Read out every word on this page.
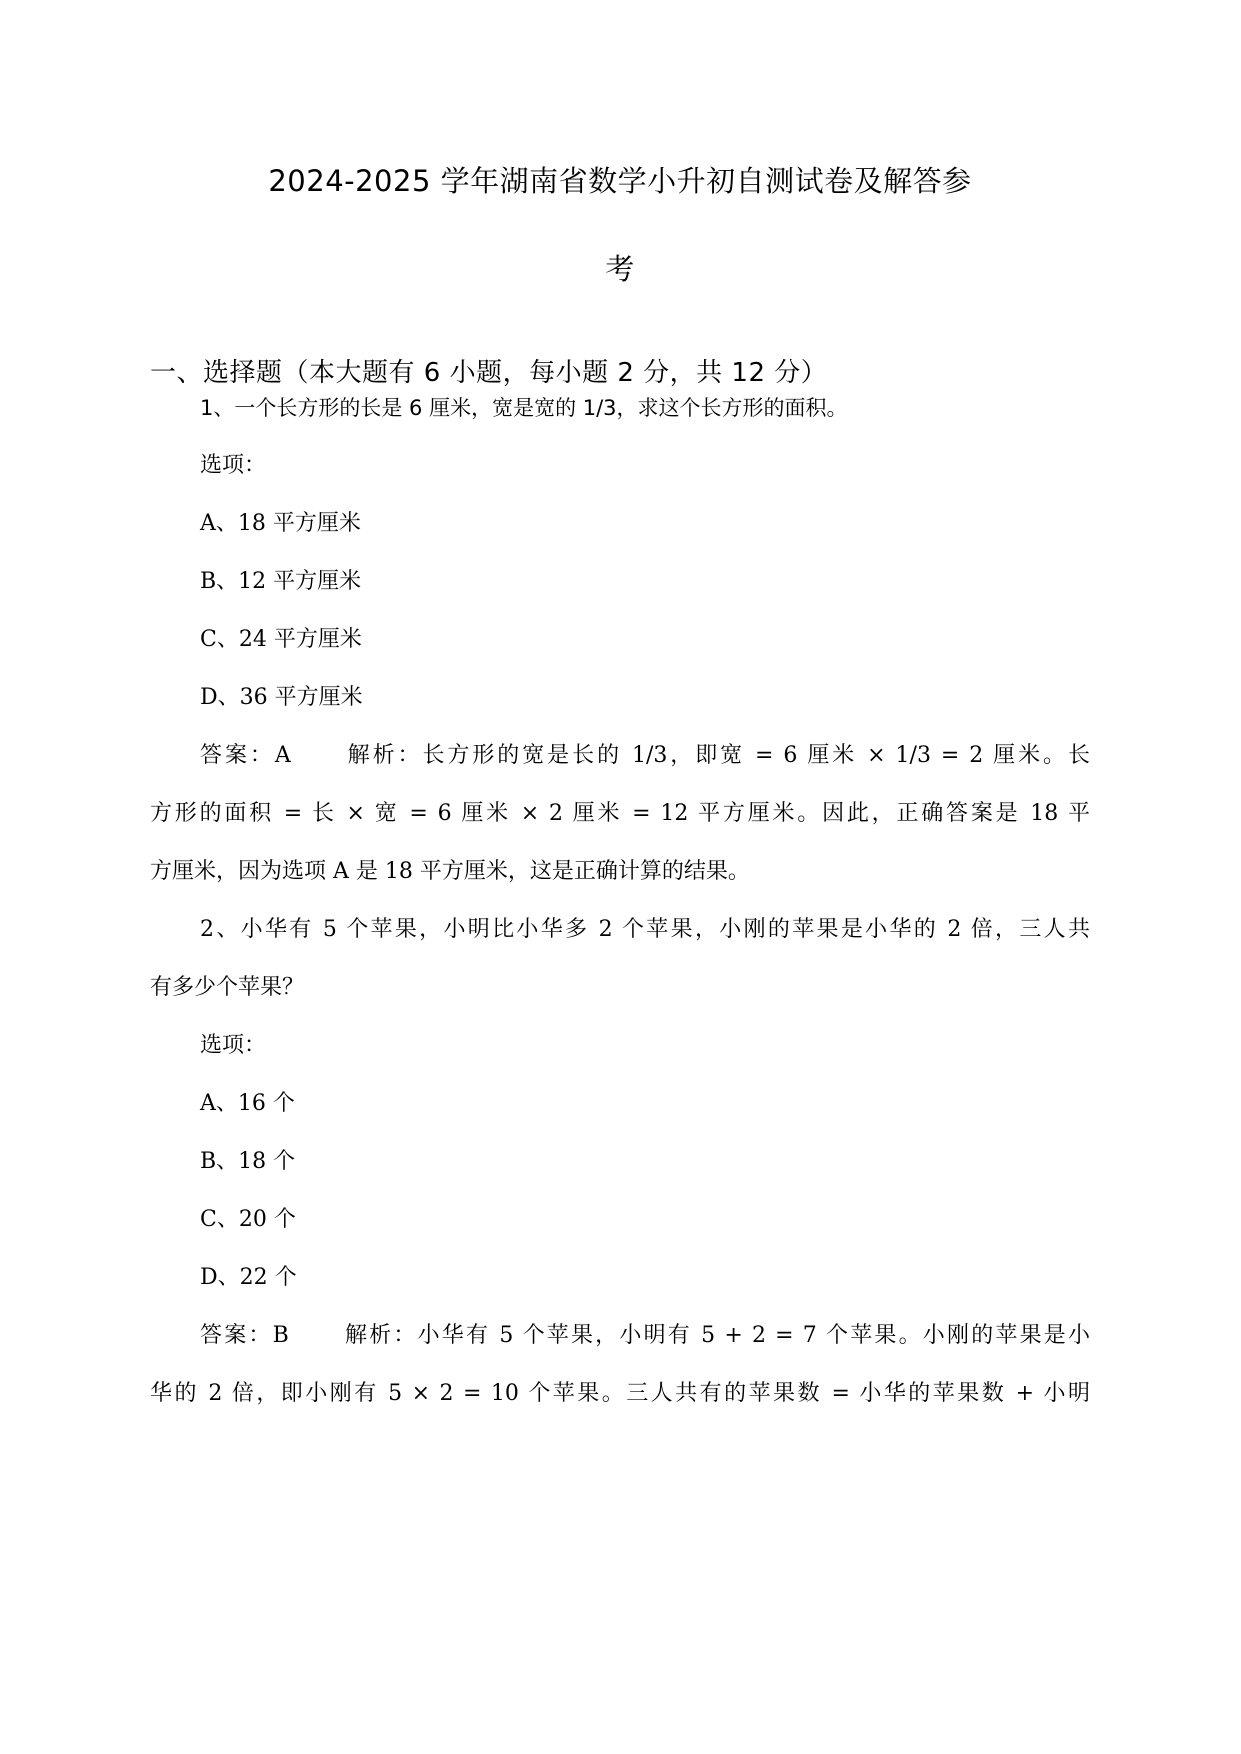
2024-2025 学年湖南省数学小升初自测试卷及解答参
考
一、选择题（本大题有 6 小题，每小题 2 分，共 12 分）
1、一个长方形的长是 6 厘米，宽是宽的 1/3，求这个长方形的面积。
选项：
A、18 平方厘米
B、12 平方厘米
C、24 平方厘米
D、36 平方厘米
答案：A 解析：长方形的宽是长的 1/3，即宽 = 6 厘米 × 1/3 = 2 厘米。长
方形的面积 = 长 × 宽 = 6 厘米 × 2 厘米 = 12 平方厘米。因此，正确答案是 18 平
方厘米，因为选项 A 是 18 平方厘米，这是正确计算的结果。
2、小华有 5 个苹果，小明比小华多 2 个苹果，小刚的苹果是小华的 2 倍，三人共
有多少个苹果？
选项：
A、16 个
B、18 个
C、20 个
D、22 个
答案：B 解析：小华有 5 个苹果，小明有 5 + 2 = 7 个苹果。小刚的苹果是小
华的 2 倍，即小刚有 5 × 2 = 10 个苹果。三人共有的苹果数 = 小华的苹果数 + 小明
